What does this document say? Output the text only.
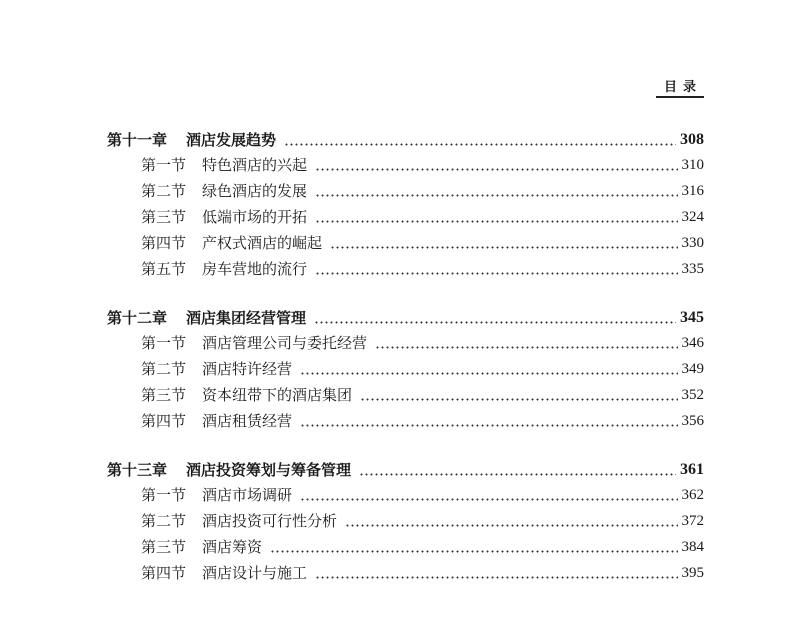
目录
第十一章 酒店发展趋势	308
第一节 特色酒店的兴起	310
第二节 绿色酒店的发展	316
第三节 低端市场的开拓	324
第四节 产权式酒店的崛起	330
第五节 房车营地的流行	335
第十二章 酒店集团经营管理	345
第一节 酒店管理公司与委托经营	346
第二节 酒店特许经营	349
第三节 资本纽带下的酒店集团	352
第四节 酒店租赁经营	356
第十三章 酒店投资筹划与筹备管理	361
第一节 酒店市场调研	362
第二节 酒店投资可行性分析	372
第三节 酒店筹资	384
第四节 酒店设计与施工	395
